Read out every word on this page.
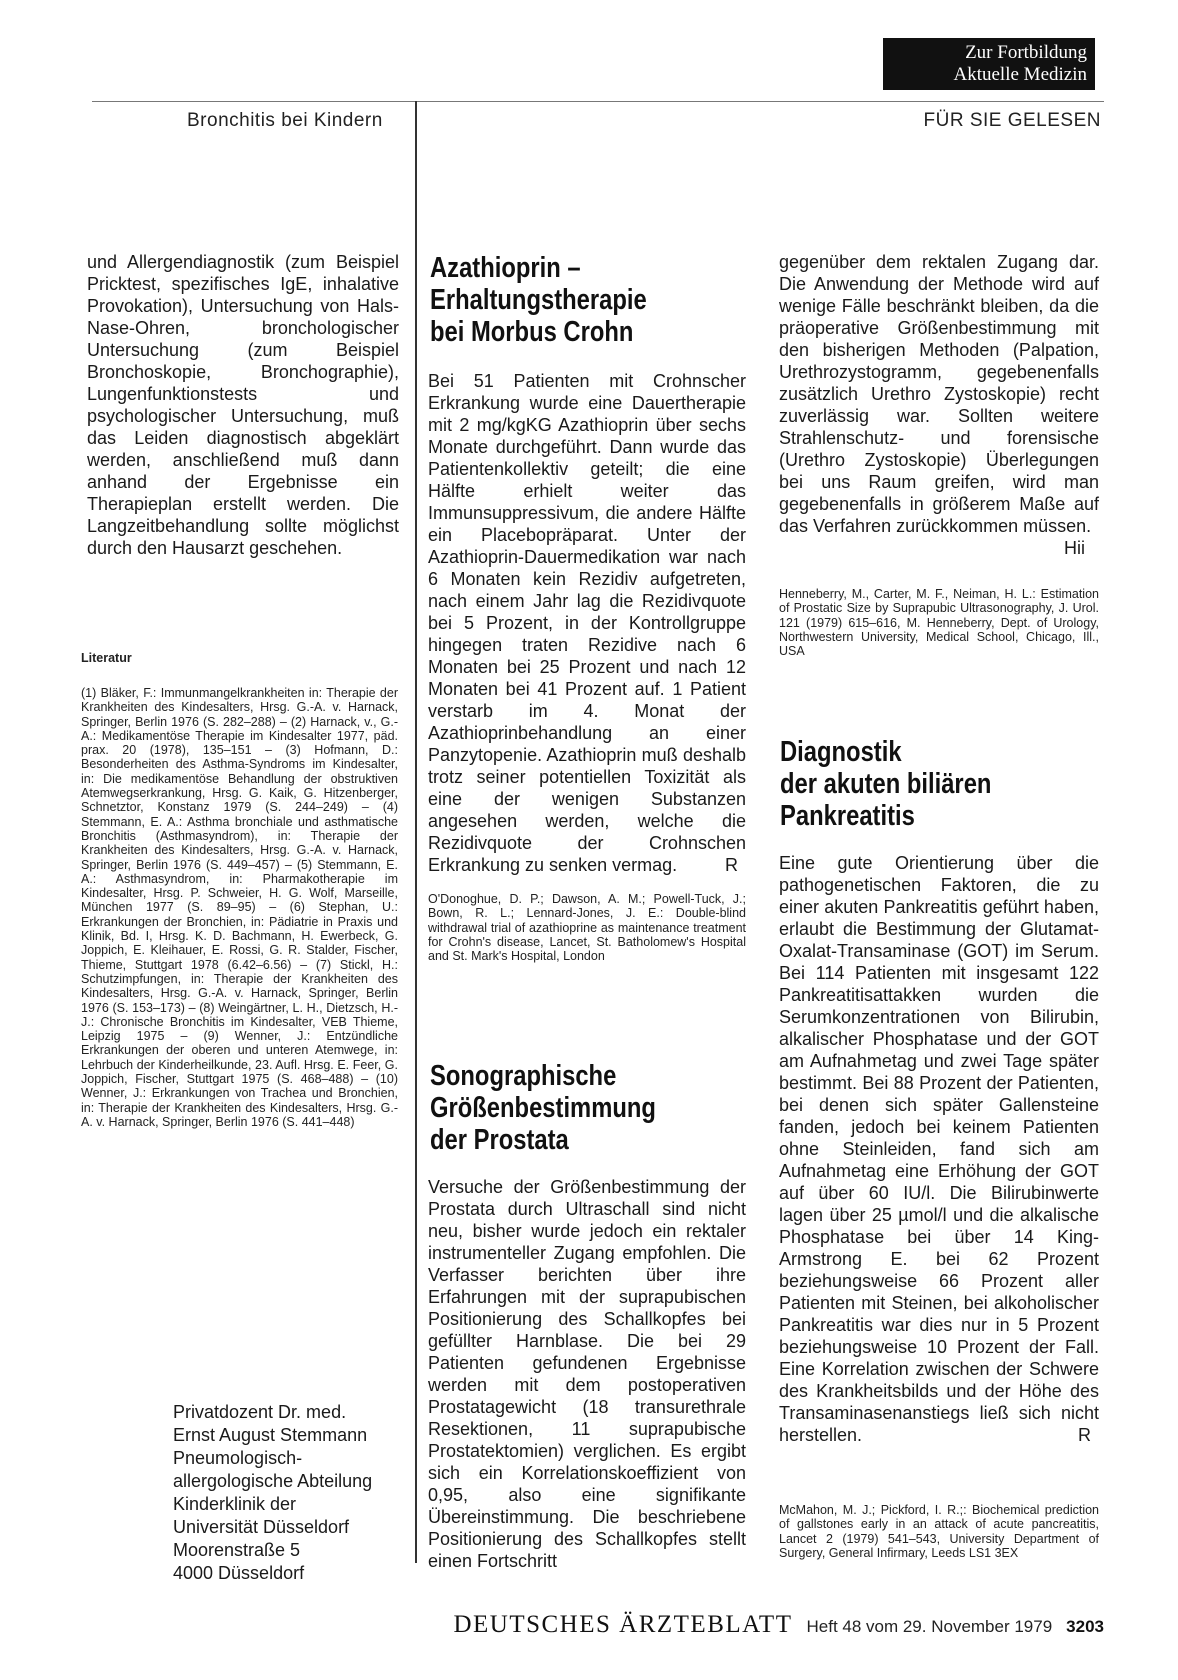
Zur Fortbildung
Aktuelle Medizin
Bronchitis bei Kindern	FÜR SIE GELESEN

und Allergendiagnostik (zum Beispiel Pricktest, spezifisches IgE, inhalative Provokation), Untersuchung von Hals-Nase-Ohren, bronchologischer Untersuchung (zum Beispiel Bronchoskopie, Bronchographie), Lungenfunktionstests und psychologischer Untersuchung, muß das Leiden diagnostisch abgeklärt werden, anschließend muß dann anhand der Ergebnisse ein Therapieplan erstellt werden. Die Langzeitbehandlung sollte möglichst durch den Hausarzt geschehen.

Literatur

(1) Bläker, F.: Immunmangelkrankheiten in: Therapie der Krankheiten des Kindesalters, Hrsg. G.-A. v. Harnack, Springer, Berlin 1976 (S. 282–288) – (2) Harnack, v., G.-A.: Medikamentöse Therapie im Kindesalter 1977, päd. prax. 20 (1978), 135–151 – (3) Hofmann, D.: Besonderheiten des Asthma-Syndroms im Kindesalter, in: Die medikamentöse Behandlung der obstruktiven Atemwegserkrankung, Hrsg. G. Kaik, G. Hitzenberger, Schnetztor, Konstanz 1979 (S. 244–249) – (4) Stemmann, E. A.: Asthma bronchiale und asthmatische Bronchitis (Asthmasyndrom), in: Therapie der Krankheiten des Kindesalters, Hrsg. G.-A. v. Harnack, Springer, Berlin 1976 (S. 449–457) – (5) Stemmann, E. A.: Asthmasyndrom, in: Pharmakotherapie im Kindesalter, Hrsg. P. Schweier, H. G. Wolf, Marseille, München 1977 (S. 89–95) – (6) Stephan, U.: Erkrankungen der Bronchien, in: Pädiatrie in Praxis und Klinik, Bd. I, Hrsg. K. D. Bachmann, H. Ewerbeck, G. Joppich, E. Kleihauer, E. Rossi, G. R. Stalder, Fischer, Thieme, Stuttgart 1978 (6.42–6.56) – (7) Stickl, H.: Schutzimpfungen, in: Therapie der Krankheiten des Kindesalters, Hrsg. G.-A. v. Harnack, Springer, Berlin 1976 (S. 153–173) – (8) Weingärtner, L. H., Dietzsch, H.-J.: Chronische Bronchitis im Kindesalter, VEB Thieme, Leipzig 1975 – (9) Wenner, J.: Entzündliche Erkrankungen der oberen und unteren Atemwege, in: Lehrbuch der Kinderheilkunde, 23. Aufl. Hrsg. E. Feer, G. Joppich, Fischer, Stuttgart 1975 (S. 468–488) – (10) Wenner, J.: Erkrankungen von Trachea und Bronchien, in: Therapie der Krankheiten des Kindesalters, Hrsg. G.-A. v. Harnack, Springer, Berlin 1976 (S. 441–448)

Privatdozent Dr. med.
Ernst August Stemmann
Pneumologisch-
allergologische Abteilung
Kinderklinik der
Universität Düsseldorf
Moorenstraße 5
4000 Düsseldorf
Azathioprin –
Erhaltungstherapie
bei Morbus Crohn

Bei 51 Patienten mit Crohnscher Erkrankung wurde eine Dauertherapie mit 2 mg/kgKG Azathioprin über sechs Monate durchgeführt. Dann wurde das Patientenkollektiv geteilt; die eine Hälfte erhielt weiter das Immunsuppressivum, die andere Hälfte ein Placebopräparat. Unter der Azathioprin-Dauermedikation war nach 6 Monaten kein Rezidiv aufgetreten, nach einem Jahr lag die Rezidivquote bei 5 Prozent, in der Kontrollgruppe hingegen traten Rezidive nach 6 Monaten bei 25 Prozent und nach 12 Monaten bei 41 Prozent auf. 1 Patient verstarb im 4. Monat der Azathioprinbehandlung an einer Panzytopenie. Azathioprin muß deshalb trotz seiner potentiellen Toxizität als eine der wenigen Substanzen angesehen werden, welche die Rezidivquote der Crohnschen Erkrankung zu senken vermag.	R

O'Donoghue, D. P.; Dawson, A. M.; Powell-Tuck, J.; Bown, R. L.; Lennard-Jones, J. E.: Double-blind withdrawal trial of azathioprine as maintenance treatment for Crohn's disease, Lancet, St. Batholomew's Hospital and St. Mark's Hospital, London

Sonographische
Größenbestimmung
der Prostata

Versuche der Größenbestimmung der Prostata durch Ultraschall sind nicht neu, bisher wurde jedoch ein rektaler instrumenteller Zugang empfohlen. Die Verfasser berichten über ihre Erfahrungen mit der suprapubischen Positionierung des Schallkopfes bei gefüllter Harnblase. Die bei 29 Patienten gefundenen Ergebnisse werden mit dem postoperativen Prostatagewicht (18 transurethrale Resektionen, 11 suprapubische Prostatektomien) verglichen. Es ergibt sich ein Korrelationskoeffizient von 0,95, also eine signifikante Übereinstimmung. Die beschriebene Positionierung des Schallkopfes stellt einen Fortschritt

gegenüber dem rektalen Zugang dar. Die Anwendung der Methode wird auf wenige Fälle beschränkt bleiben, da die präoperative Größenbestimmung mit den bisherigen Methoden (Palpation, Urethrozystogramm, gegebenenfalls zusätzlich Urethro Zystoskopie) recht zuverlässig war. Sollten weitere Strahlenschutz- und forensische (Urethro Zystoskopie) Überlegungen bei uns Raum greifen, wird man gegebenenfalls in größerem Maße auf das Verfahren zurückkommen müssen.
Hii

Henneberry, M., Carter, M. F., Neiman, H. L.: Estimation of Prostatic Size by Suprapubic Ultrasonography, J. Urol. 121 (1979) 615–616, M. Henneberry, Dept. of Urology, Northwestern University, Medical School, Chicago, Ill., USA

Diagnostik
der akuten biliären
Pankreatitis

Eine gute Orientierung über die pathogenetischen Faktoren, die zu einer akuten Pankreatitis geführt haben, erlaubt die Bestimmung der Glutamat-Oxalat-Transaminase (GOT) im Serum. Bei 114 Patienten mit insgesamt 122 Pankreatitisattakken wurden die Serumkonzentrationen von Bilirubin, alkalischer Phosphatase und der GOT am Aufnahmetag und zwei Tage später bestimmt. Bei 88 Prozent der Patienten, bei denen sich später Gallensteine fanden, jedoch bei keinem Patienten ohne Steinleiden, fand sich am Aufnahmetag eine Erhöhung der GOT auf über 60 IU/l. Die Bilirubinwerte lagen über 25 µmol/l und die alkalische Phosphatase bei über 14 King-Armstrong E. bei 62 Prozent beziehungsweise 66 Prozent aller Patienten mit Steinen, bei alkoholischer Pankreatitis war dies nur in 5 Prozent beziehungsweise 10 Prozent der Fall. Eine Korrelation zwischen der Schwere des Krankheitsbilds und der Höhe des Transaminasenanstiegs ließ sich nicht herstellen.	R

McMahon, M. J.; Pickford, I. R.;: Biochemical prediction of gallstones early in an attack of acute pancreatitis, Lancet 2 (1979) 541–543, University Department of Surgery, General Infirmary, Leeds LS1 3EX

DEUTSCHES ÄRZTEBLATT Heft 48 vom 29. November 1979 3203
